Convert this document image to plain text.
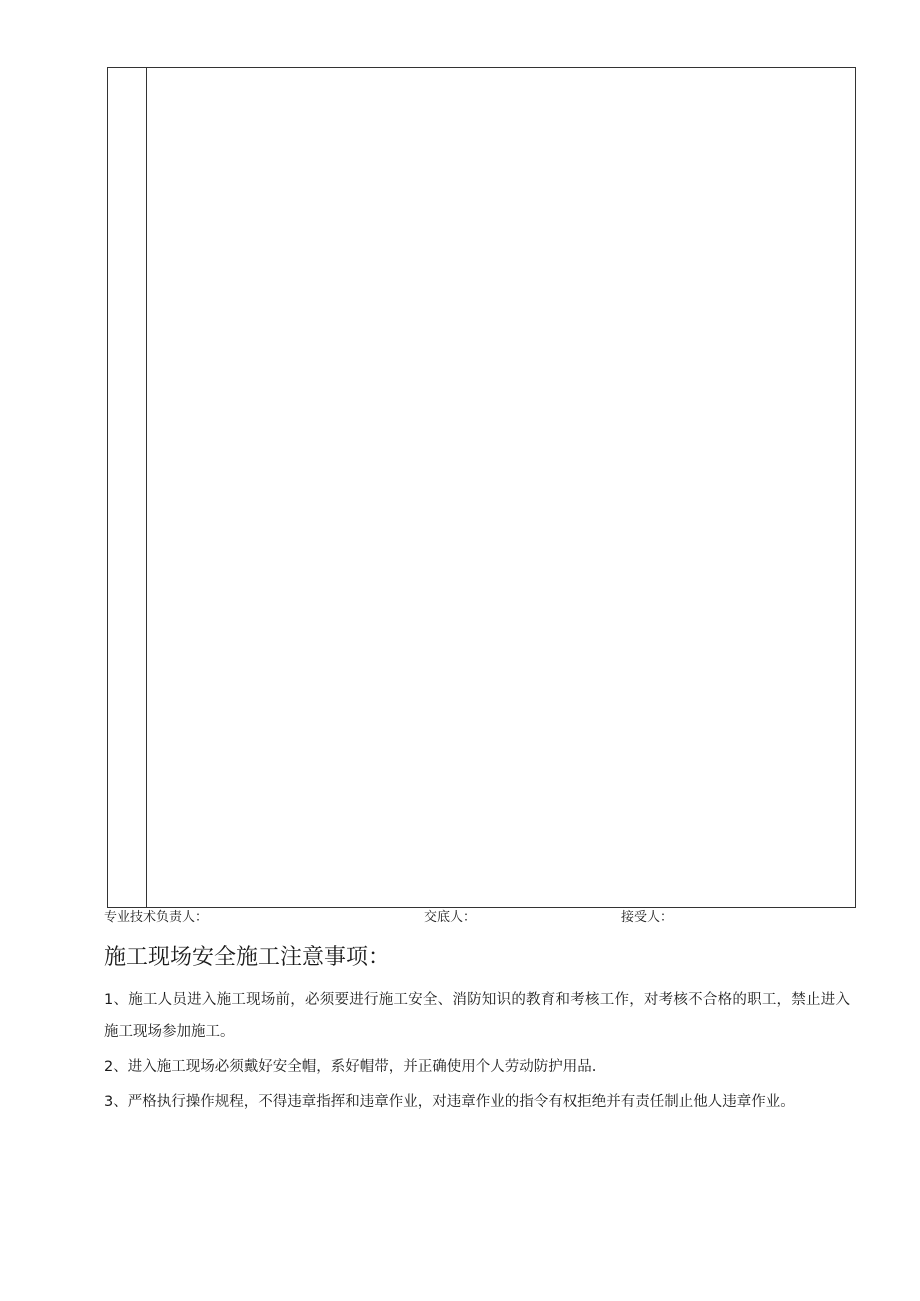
专业技术负责人：	交底人：	接受人：
施工现场安全施工注意事项：
1、施工人员进入施工现场前，必须要进行施工安全、消防知识的教育和考核工作，对考核不合格的职工，禁止进入施工现场参加施工。
2、进入施工现场必须戴好安全帽，系好帽带，并正确使用个人劳动防护用品.
3、严格执行操作规程，不得违章指挥和违章作业，对违章作业的指令有权拒绝并有责任制止他人违章作业。
